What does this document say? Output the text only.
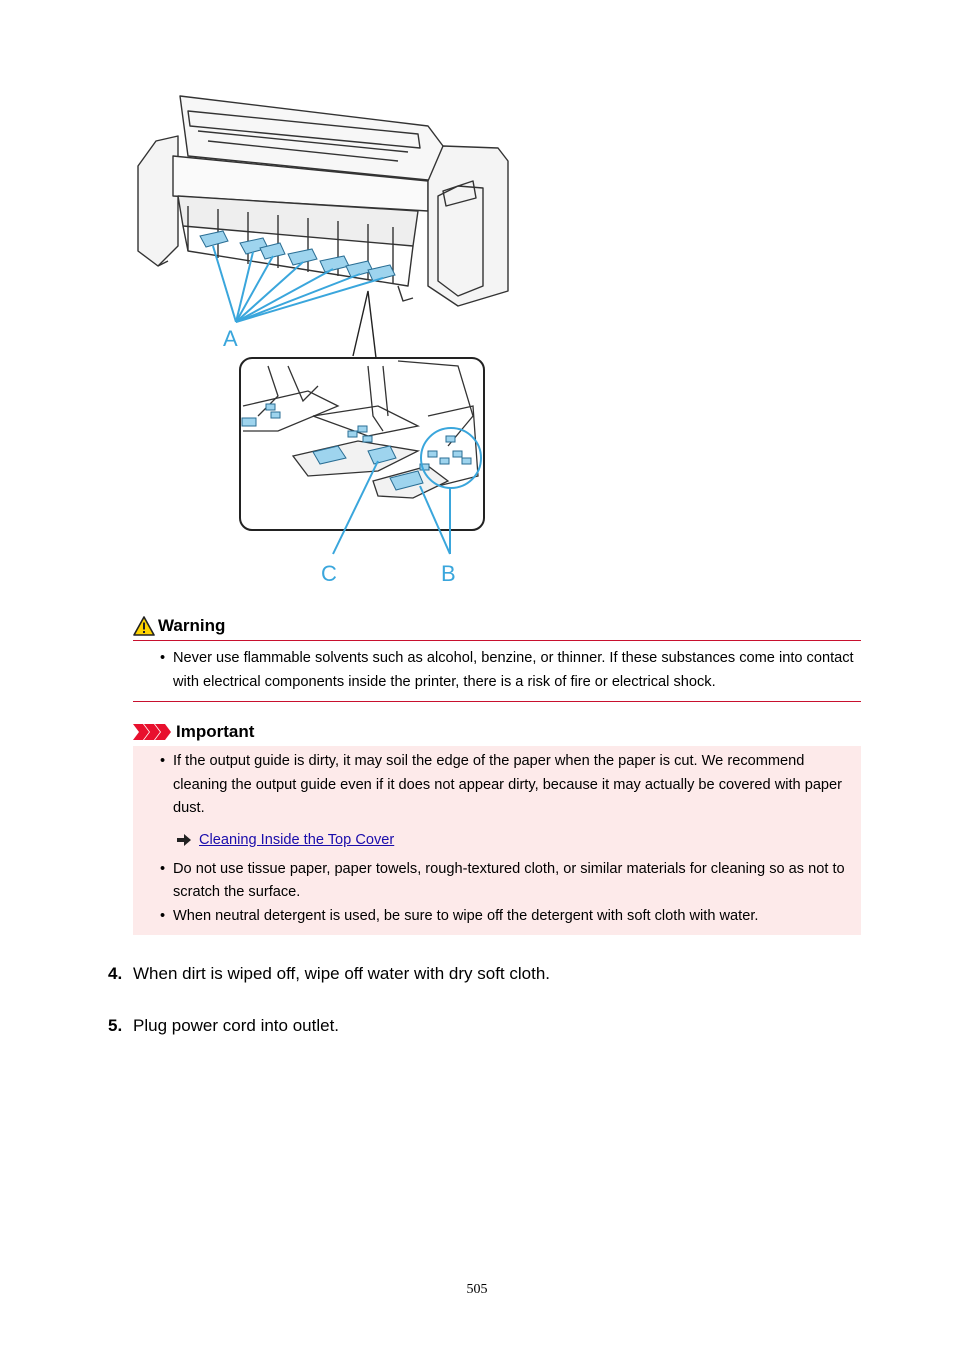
A
C	B
Warning
• Never use flammable solvents such as alcohol, benzine, or thinner. If these substances come into contact with electrical components inside the printer, there is a risk of fire or electrical shock.
Important
• If the output guide is dirty, it may soil the edge of the paper when the paper is cut. We recommend cleaning the output guide even if it does not appear dirty, because it may actually be covered with paper dust.
Cleaning Inside the Top Cover
• Do not use tissue paper, paper towels, rough-textured cloth, or similar materials for cleaning so as not to scratch the surface.
• When neutral detergent is used, be sure to wipe off the detergent with soft cloth with water.
4. When dirt is wiped off, wipe off water with dry soft cloth.
5. Plug power cord into outlet.
505
